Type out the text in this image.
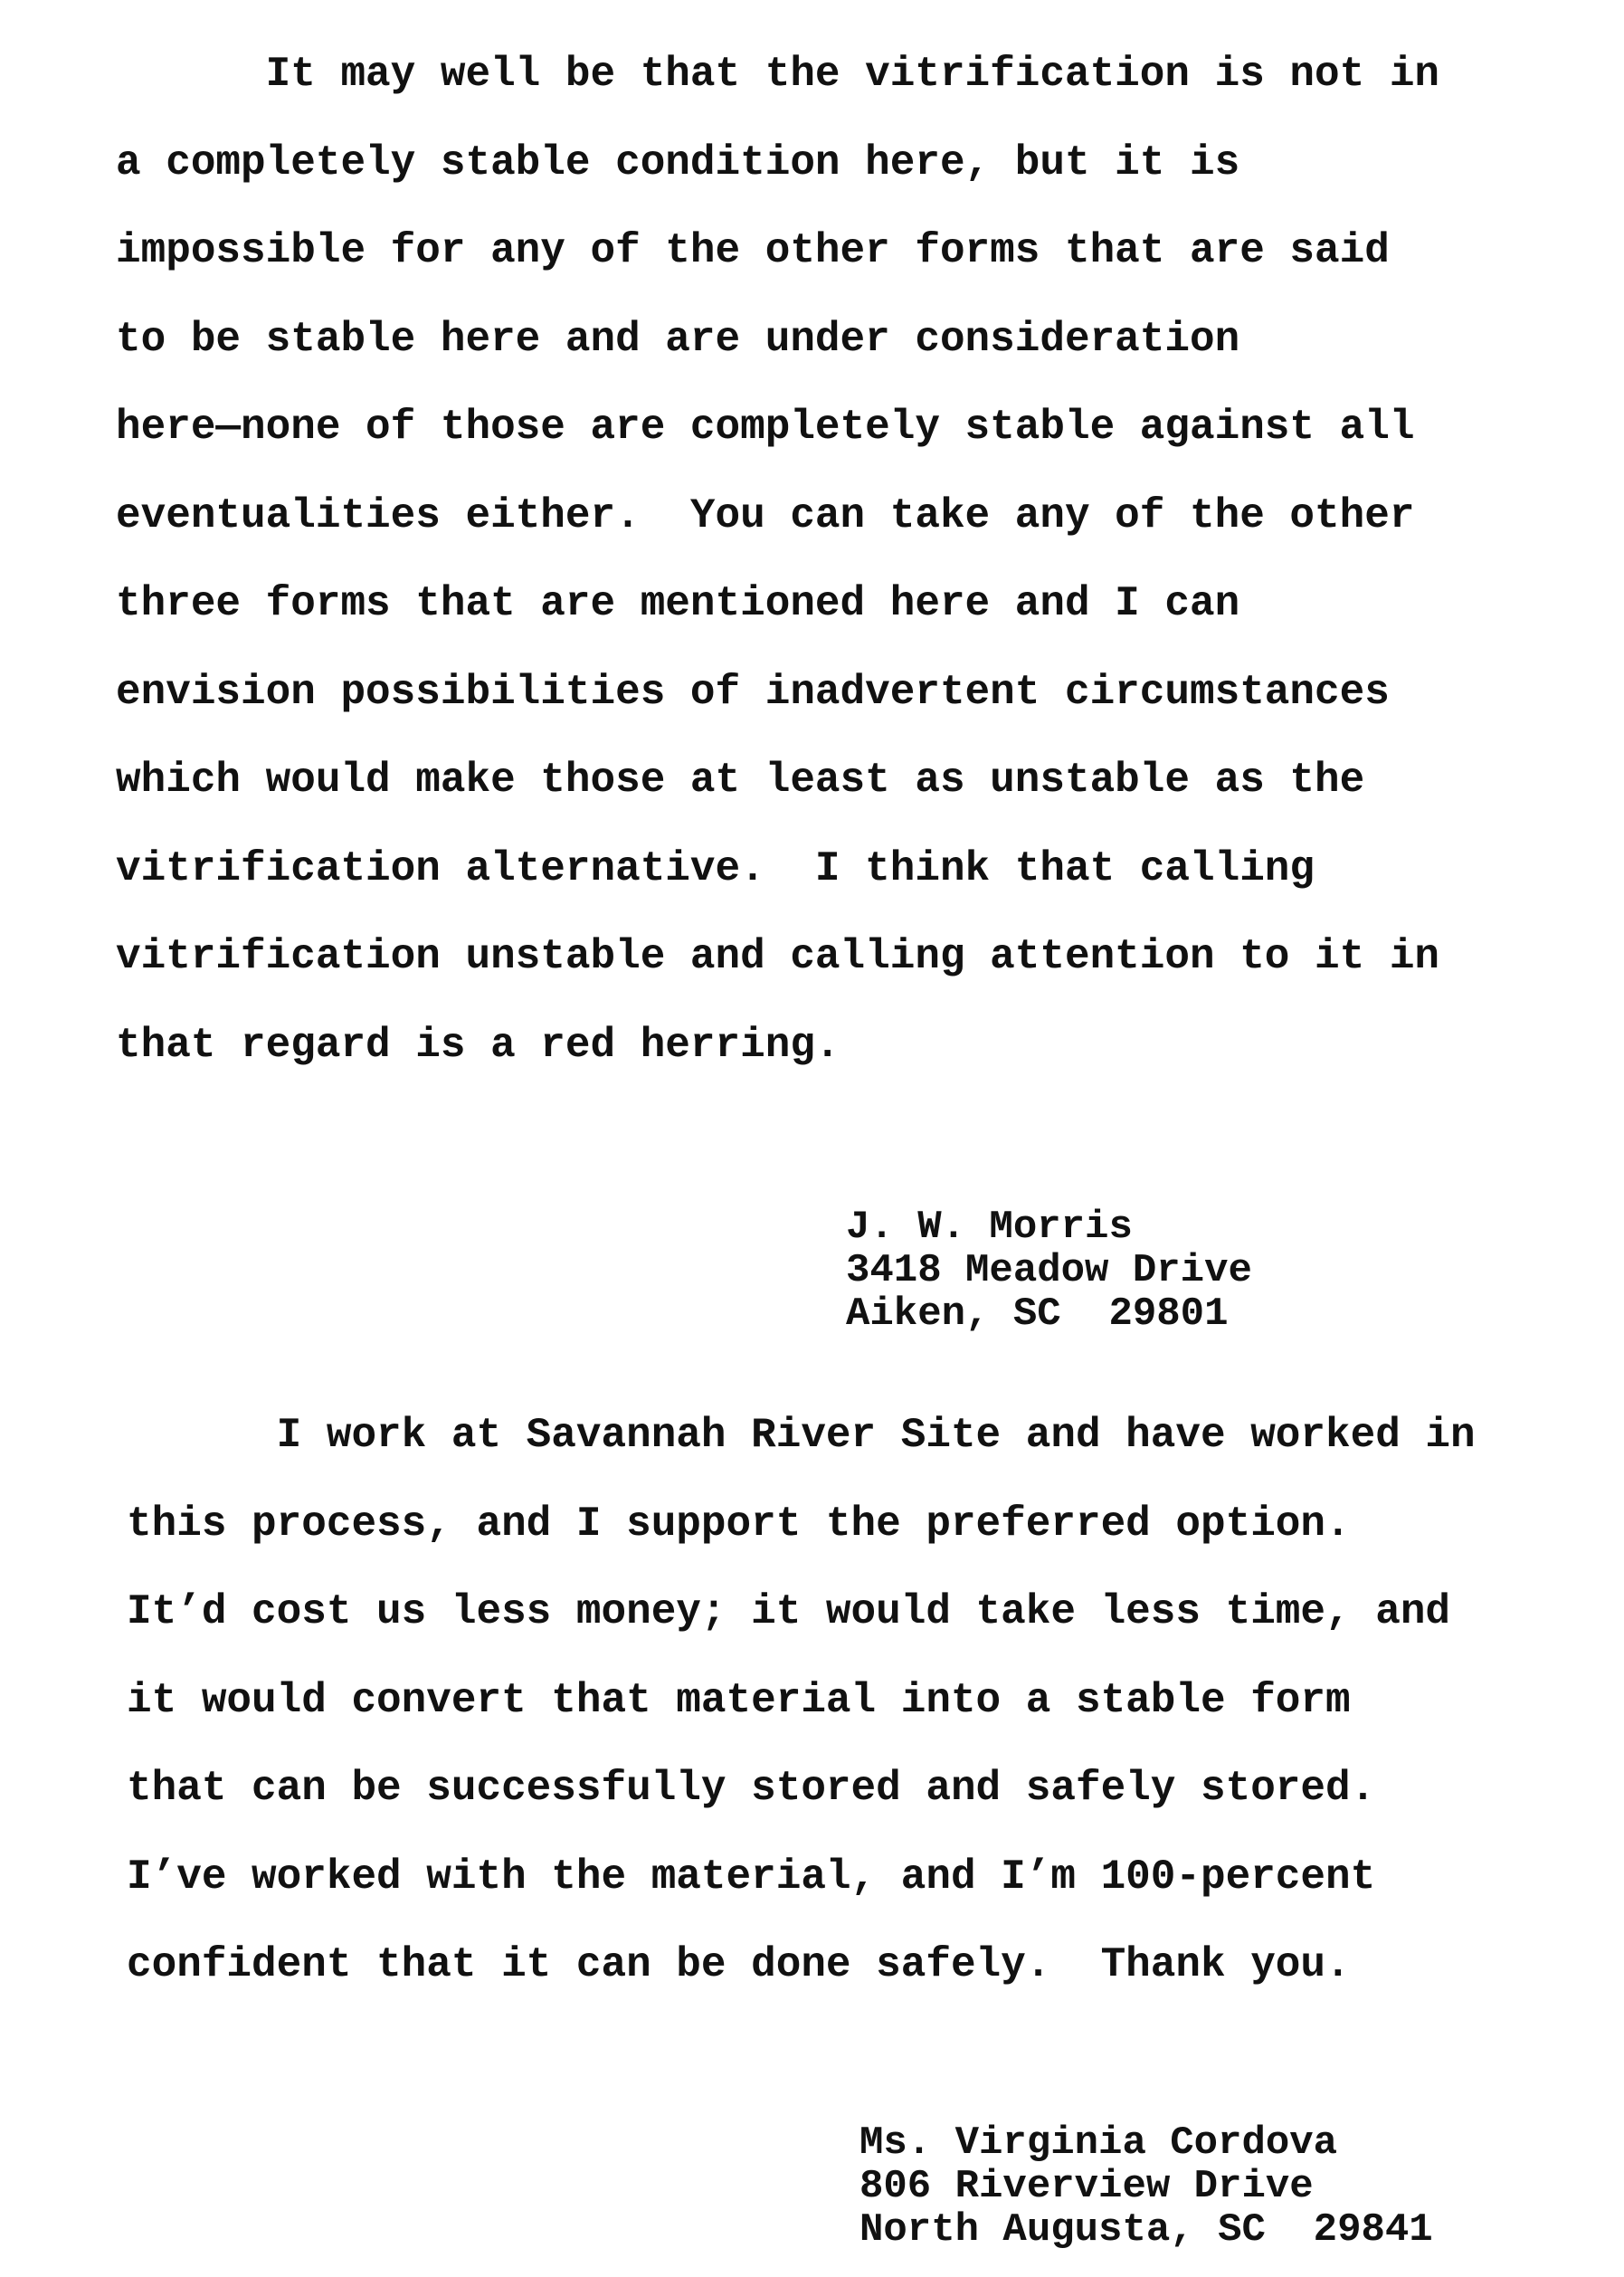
It may well be that the vitrification is not in
a completely stable condition here, but it is
impossible for any of the other forms that are said
to be stable here and are under consideration
here—none of those are completely stable against all
eventualities either.  You can take any of the other
three forms that are mentioned here and I can
envision possibilities of inadvertent circumstances
which would make those at least as unstable as the
vitrification alternative.  I think that calling
vitrification unstable and calling attention to it in
that regard is a red herring.
J. W. Morris
3418 Meadow Drive
Aiken, SC  29801
I work at Savannah River Site and have worked in
this process, and I support the preferred option.
It’d cost us less money; it would take less time, and
it would convert that material into a stable form
that can be successfully stored and safely stored.
I’ve worked with the material, and I’m 100-percent
confident that it can be done safely.  Thank you.
Ms. Virginia Cordova
806 Riverview Drive
North Augusta, SC  29841
